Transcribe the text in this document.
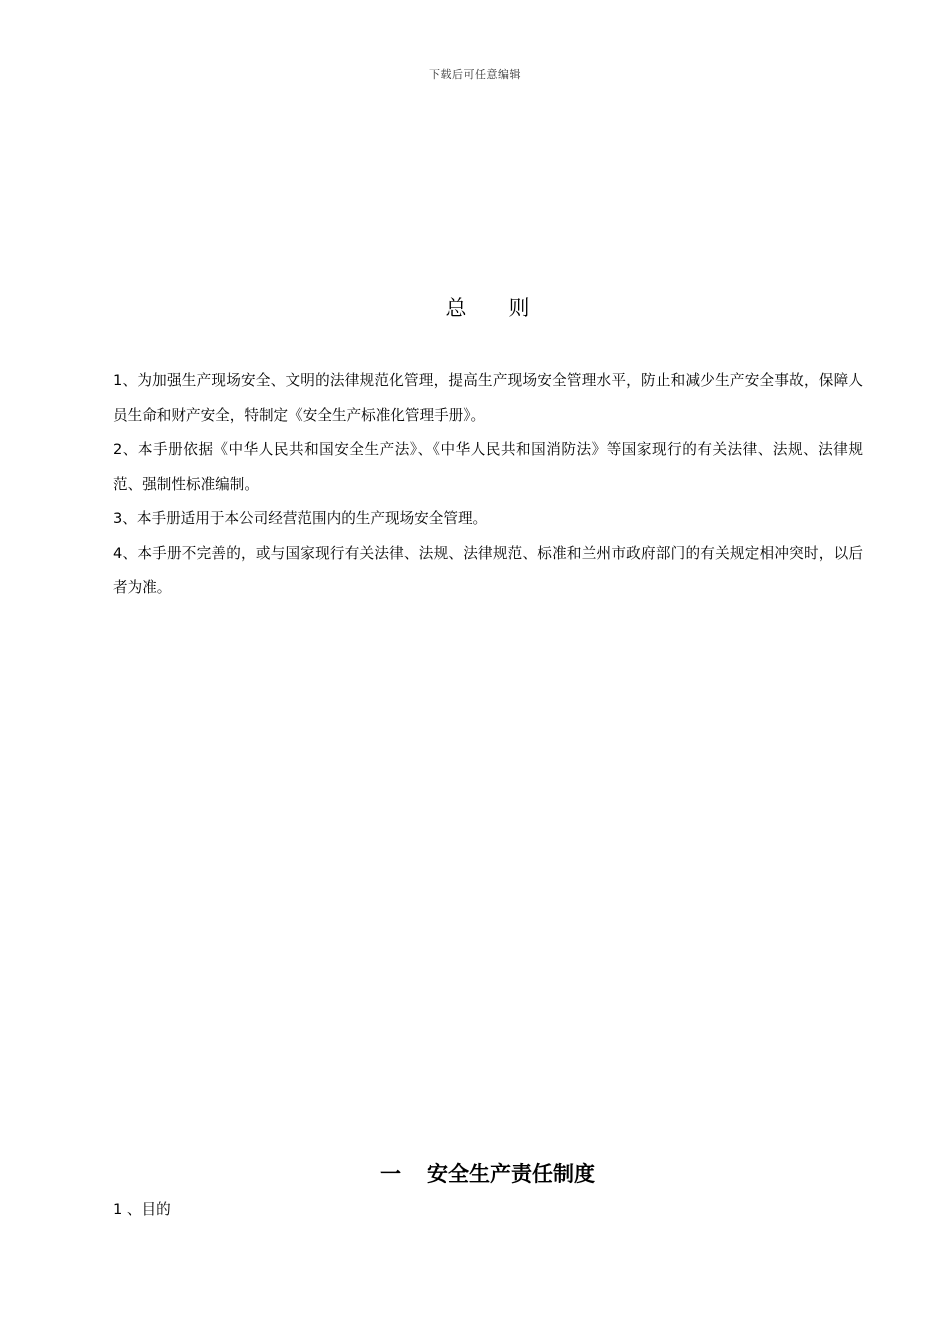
下载后可任意编辑
总 则

1、为加强生产现场安全、文明的法律规范化管理，提高生产现场安全管理水平，防止和减少生产安全事故，保障人员生命和财产安全，特制定《安全生产标准化管理手册》。

2、本手册依据《中华人民共和国安全生产法》、《中华人民共和国消防法》等国家现行的有关法律、法规、法律规范、强制性标准编制。

3、本手册适用于本公司经营范围内的生产现场安全管理。

4、本手册不完善的，或与国家现行有关法律、法规、法律规范、标准和兰州市政府部门的有关规定相冲突时，以后者为准。

一 安全生产责任制度
1 、目的
